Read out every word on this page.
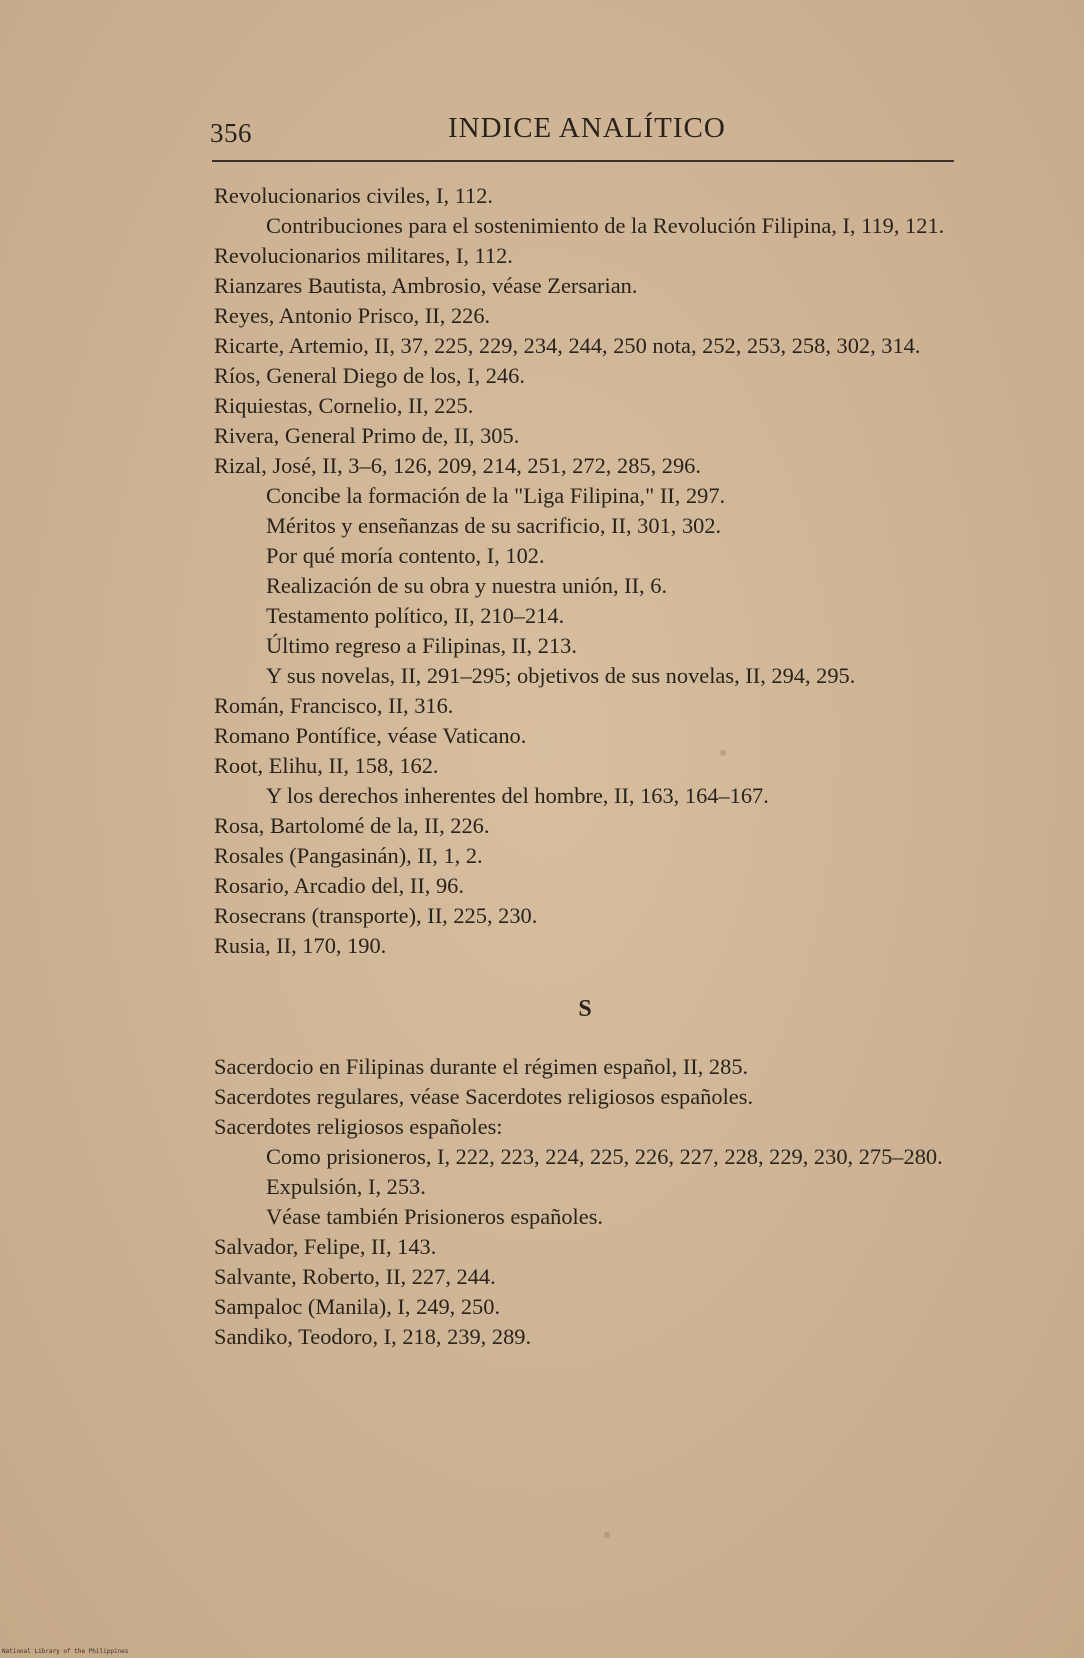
356	INDICE ANALÍTICO

Revolucionarios civiles, I, 112.

Contribuciones para el sostenimiento de la Revolución Filipina, I, 119, 121.

Revolucionarios militares, I, 112.

Rianzares Bautista, Ambrosio, véase Zersarian.

Reyes, Antonio Prisco, II, 226.

Ricarte, Artemio, II, 37, 225, 229, 234, 244, 250 nota, 252, 253, 258, 302, 314.

Ríos, General Diego de los, I, 246.

Riquiestas, Cornelio, II, 225.

Rivera, General Primo de, II, 305.

Rizal, José, II, 3–6, 126, 209, 214, 251, 272, 285, 296.

Concibe la formación de la "Liga Filipina," II, 297.

Méritos y enseñanzas de su sacrificio, II, 301, 302.

Por qué moría contento, I, 102.

Realización de su obra y nuestra unión, II, 6.

Testamento político, II, 210–214.

Último regreso a Filipinas, II, 213.

Y sus novelas, II, 291–295; objetivos de sus novelas, II, 294, 295.

Román, Francisco, II, 316.

Romano Pontífice, véase Vaticano.

Root, Elihu, II, 158, 162.

Y los derechos inherentes del hombre, II, 163, 164–167.

Rosa, Bartolomé de la, II, 226.

Rosales (Pangasinán), II, 1, 2.

Rosario, Arcadio del, II, 96.

Rosecrans (transporte), II, 225, 230.

Rusia, II, 170, 190.

S

Sacerdocio en Filipinas durante el régimen español, II, 285.

Sacerdotes regulares, véase Sacerdotes religiosos españoles.

Sacerdotes religiosos españoles:

Como prisioneros, I, 222, 223, 224, 225, 226, 227, 228, 229, 230, 275–280.

Expulsión, I, 253.

Véase también Prisioneros españoles.

Salvador, Felipe, II, 143.

Salvante, Roberto, II, 227, 244.

Sampaloc (Manila), I, 249, 250.

Sandiko, Teodoro, I, 218, 239, 289.

National Library of the Philippines
